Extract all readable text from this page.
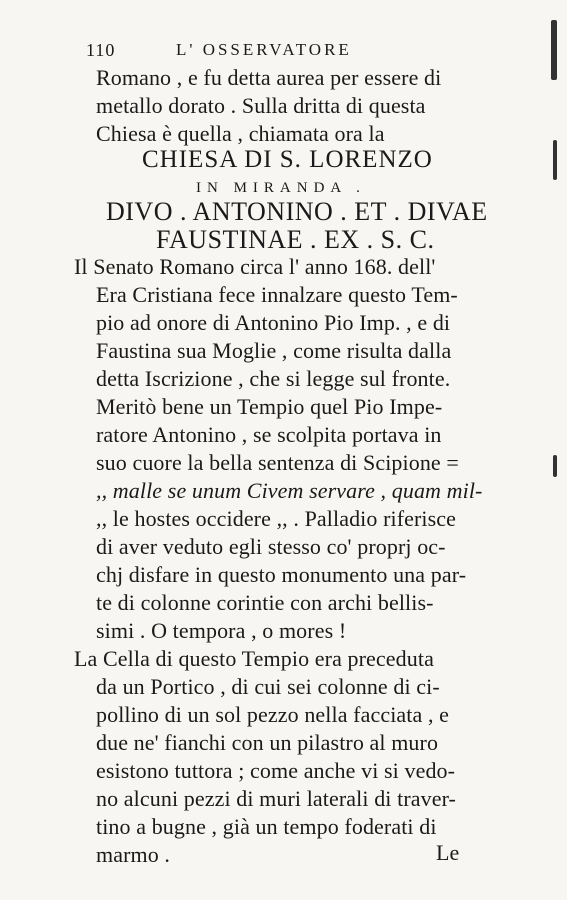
110	L' OSSERVATORE
Romano , e fu detta aurea per essere di
metallo dorato . Sulla dritta di questa
Chiesa è quella , chiamata ora la
CHIESA DI S. LORENZO
IN MIRANDA .
DIVO . ANTONINO . ET . DIVAE
FAUSTINAE . EX . S. C.
Il Senato Romano circa l' anno 168. dell'
Era Cristiana fece innalzare questo Tem-
pio ad onore di Antonino Pio Imp. , e di
Faustina sua Moglie , come risulta dalla
detta Iscrizione , che si legge sul fronte.
Meritò bene un Tempio quel Pio Impe-
ratore Antonino , se scolpita portava in
suo cuore la bella sentenza di Scipione =
,, malle se unum Civem servare , quam mil-
,, le hostes occidere ,, . Palladio riferisce
di aver veduto egli stesso co' proprj oc-
chj disfare in questo monumento una par-
te di colonne corintie con archi bellis-
simi . O tempora , o mores !
La Cella di questo Tempio era preceduta
da un Portico , di cui sei colonne di ci-
pollino di un sol pezzo nella facciata , e
due ne' fianchi con un pilastro al muro
esistono tuttora ; come anche vi si vedo-
no alcuni pezzi di muri laterali di traver-
tino a bugne , già un tempo foderati di
marmo .	Le
